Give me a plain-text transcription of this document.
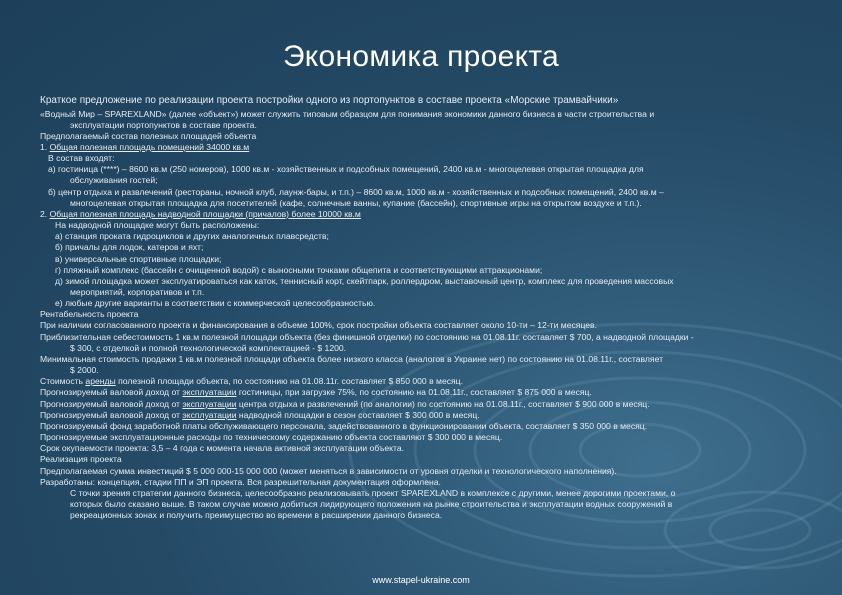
Экономика проекта
Краткое предложение по реализации проекта постройки одного из портопунктов в составе проекта «Морские трамвайчики»
«Водный Мир – SPAREXLAND» (далее «объект») может служить типовым образцом для понимания экономики данного бизнеса в части строительства и
эксплуатации портопунктов в составе проекта.
Предполагаемый состав полезных площадей объекта
1. Общая полезная площадь помещений 34000 кв.м
В состав входят:
а) гостиница (****) – 8600 кв.м (250 номеров), 1000 кв.м - хозяйственных и подсобных помещений, 2400 кв.м - многоцелевая открытая площадка для
обслуживания гостей;
б) центр отдыха и развлечений (рестораны, ночной клуб, лаунж-бары, и т.п.) – 8600 кв.м, 1000 кв.м - хозяйственных и подсобных помещений, 2400 кв.м –
многоцелевая открытая площадка для посетителей (кафе, солнечные ванны, купание (бассейн), спортивные игры на открытом воздухе и т.п.).
2. Общая полезная площадь надводной площадки (причалов) более 10000 кв.м
На надводной площадке могут быть расположены:
а) станция проката гидроциклов и других аналогичных плавсредств;
б) причалы для лодок, катеров и яхт;
в) универсальные спортивные площадки;
г) пляжный комплекс (бассейн с очищенной водой) с выносными точками общепита и соответствующими аттракционами;
д) зимой площадка может эксплуатироваться как каток, теннисный корт, скейтпарк, роллердром, выставочный центр, комплекс для проведения массовых
мероприятий, корпоративов и т.п.
е) любые другие варианты в соответствии с коммерческой целесообразностью.
Рентабельность проекта
При наличии согласованного проекта и финансирования в объеме 100%, срок постройки объекта составляет около 10-ти – 12-ти месяцев.
Приблизительная себестоимость 1 кв.м полезной площади объекта (без финишной отделки) по состоянию на 01.08.11г. составляет $ 700, а надводной площадки -
$ 300, с отделкой и полной технологической комплектацией - $ 1200.
Минимальная стоимость продажи 1 кв.м полезной площади объекта более низкого класса (аналогов в Украине нет) по состоянию на 01.08.11г., составляет
$ 2000.
Стоимость аренды полезной площади объекта, по состоянию на 01.08.11г. составляет $ 850 000 в месяц.
Прогнозируемый валовой доход от эксплуатации гостиницы, при загрузке 75%, по состоянию на 01.08.11г., составляет $ 875 000 в месяц.
Прогнозируемый валовой доход от эксплуатации центра отдыха и развлечений (по аналогии) по состоянию на 01.08.11г., составляет $ 900 000 в месяц.
Прогнозируемый валовой доход от эксплуатации надводной площадки в сезон составляет $ 300 000 в месяц.
Прогнозируемый фонд заработной платы обслуживающего персонала, задействованного в функционировании объекта, составляет $ 350 000 в месяц.
Прогнозируемые эксплуатационные расходы по техническому содержанию объекта составляют $ 300 000 в месяц.
Срок окупаемости проекта: 3,5 – 4 года с момента начала активной эксплуатации объекта.
Реализация проекта
Предполагаемая сумма инвестиций $ 5 000 000-15 000 000 (может меняться в зависимости от уровня отделки и технологического наполнения).
Разработаны: концепция, стадии ПП и ЭП проекта. Вся разрешительная документация оформлена.
С точки зрения стратегии данного бизнеса, целесообразно реализовывать проект SPAREXLAND в комплексе с другими, менее дорогими проектами, о
которых было сказано выше. В таком случае можно добиться лидирующего положения на рынке строительства и эксплуатации водных сооружений в
рекреационных зонах и получить преимущество во времени в расширении данного бизнеса.
www.stapel-ukraine.com
